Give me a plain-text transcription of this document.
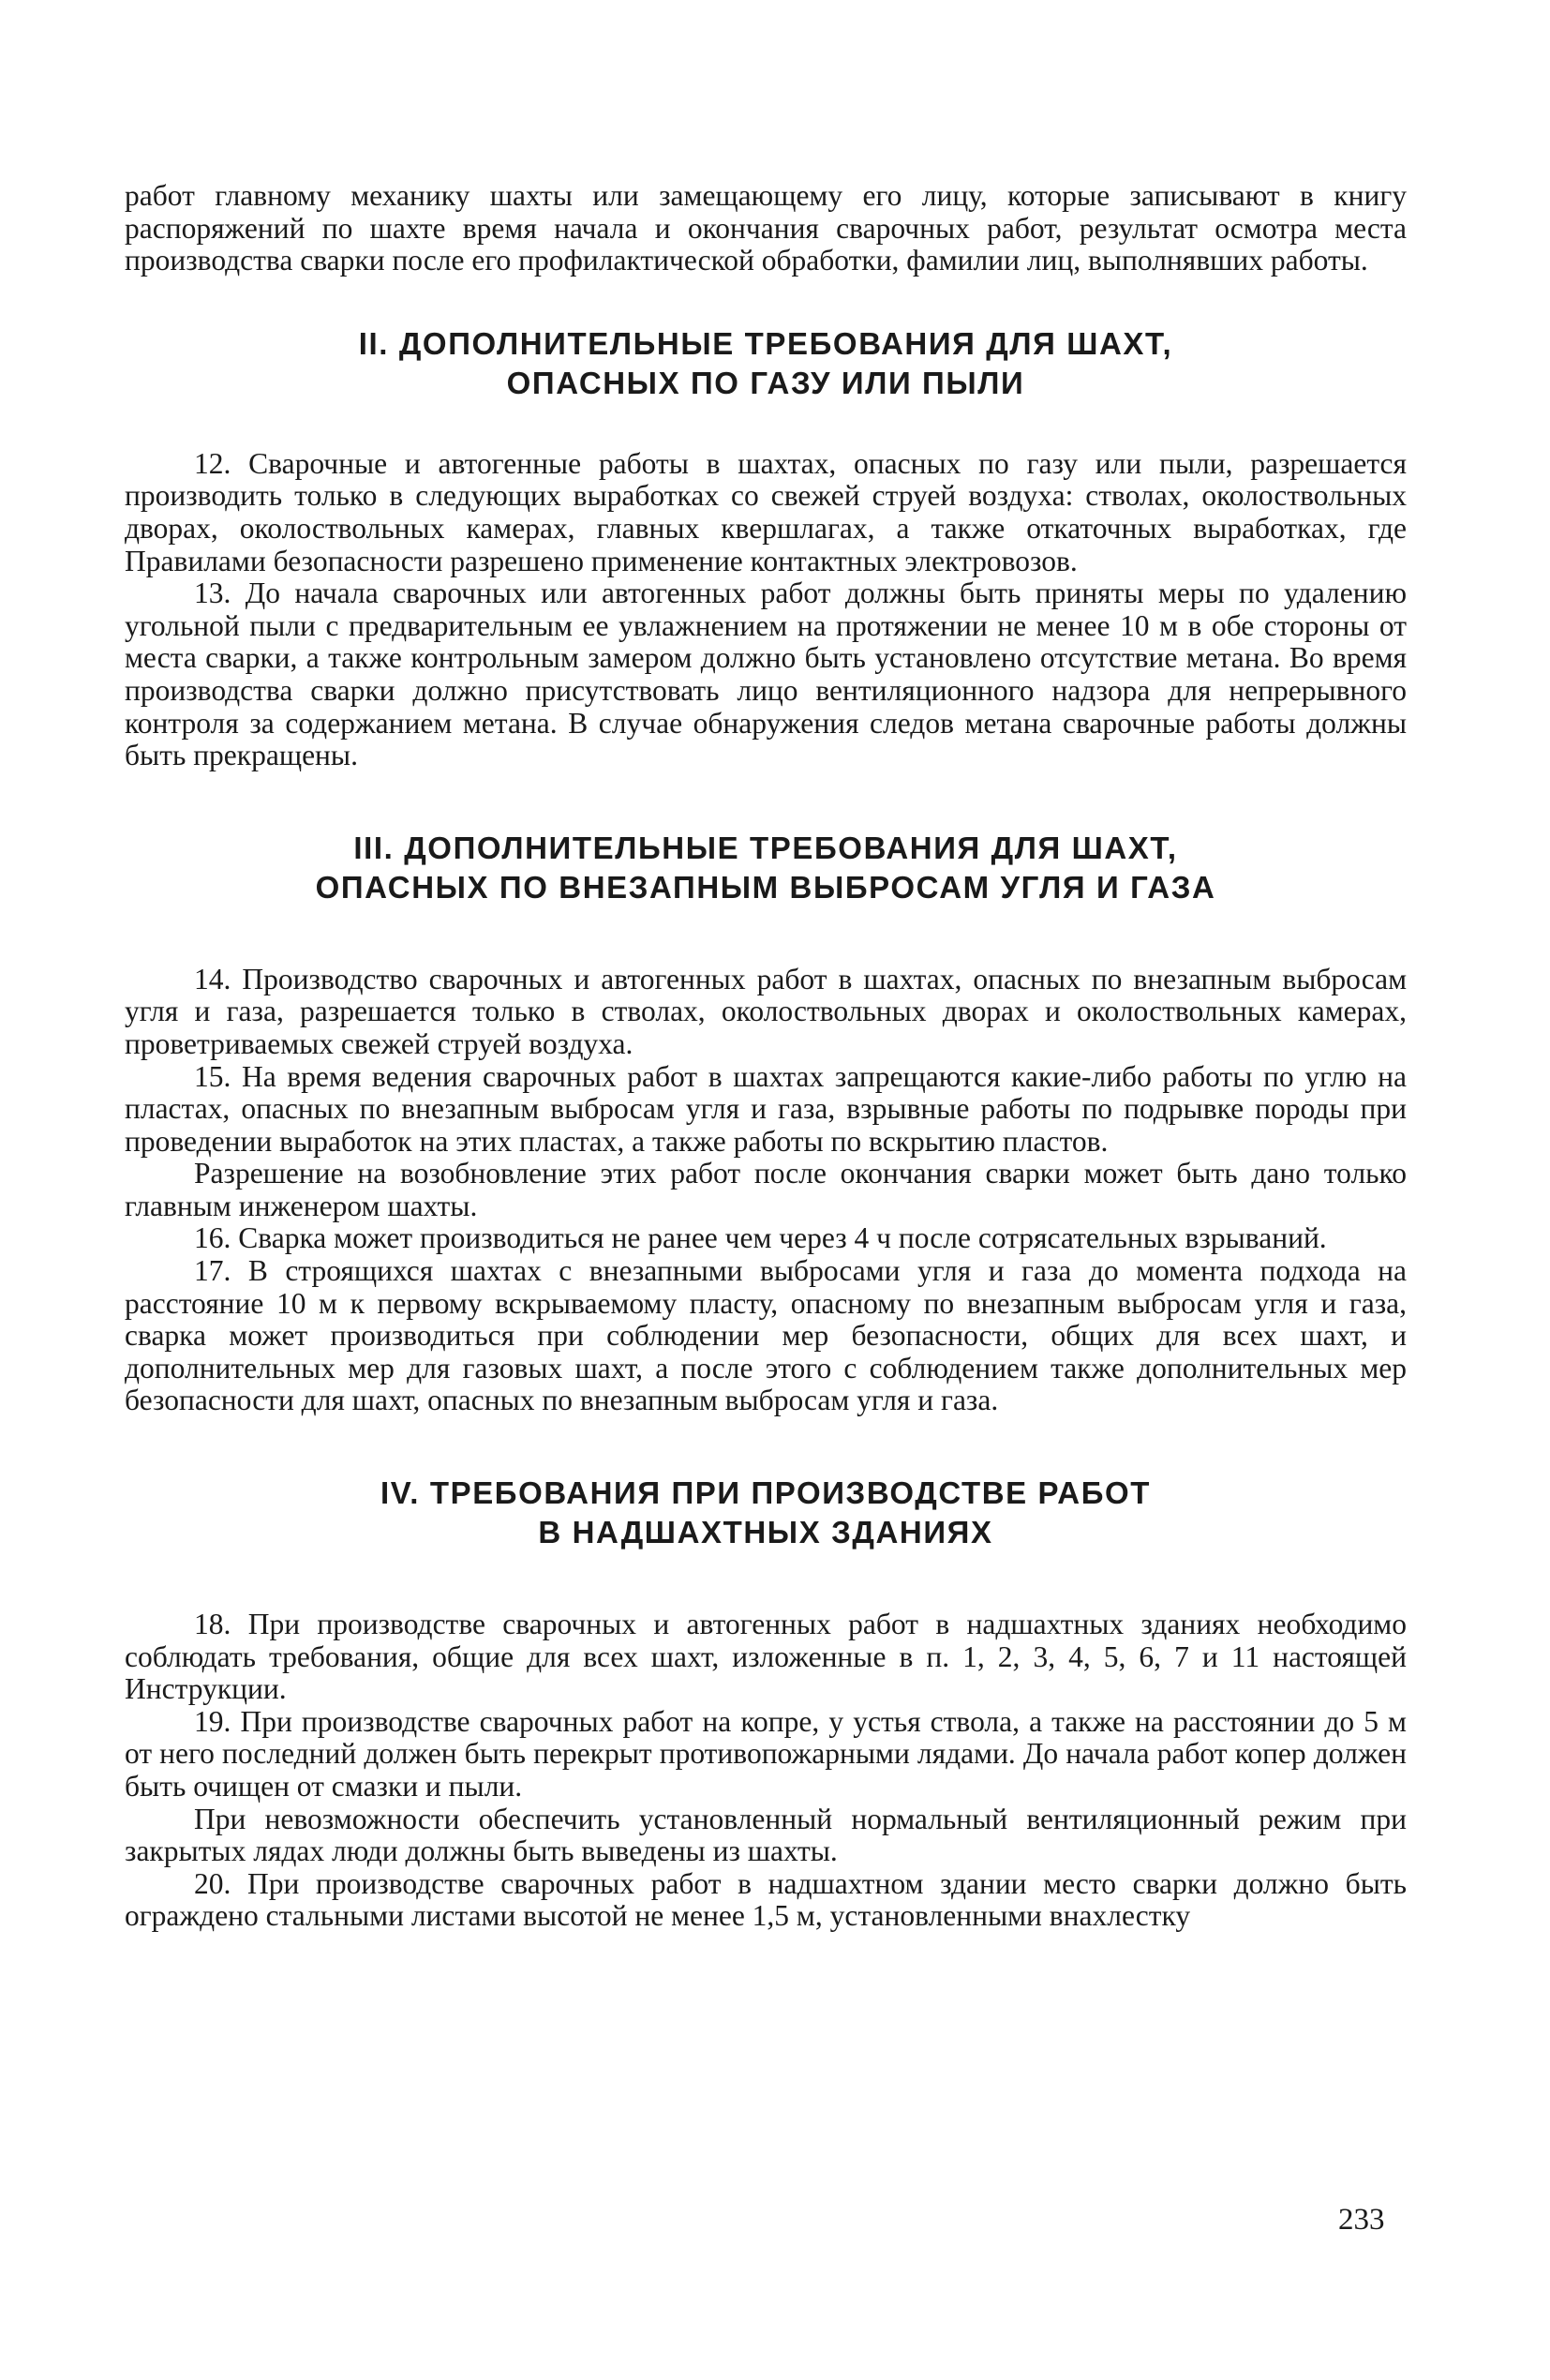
работ главному механику шахты или замещающему его лицу, которые записывают в книгу распоряжений по шахте время начала и окончания сварочных работ, результат осмотра места производства сварки после его профилактической обработки, фамилии лиц, выполнявших работы.

II. ДОПОЛНИТЕЛЬНЫЕ ТРЕБОВАНИЯ ДЛЯ ШАХТ,
ОПАСНЫХ ПО ГАЗУ ИЛИ ПЫЛИ

12. Сварочные и автогенные работы в шахтах, опасных по газу или пыли, разрешается производить только в следующих выработках со свежей струей воздуха: стволах, околоствольных дворах, околоствольных камерах, главных квершлагах, а также откаточных выработках, где Правилами безопасности разрешено применение контактных электровозов.

13. До начала сварочных или автогенных работ должны быть приняты меры по удалению угольной пыли с предварительным ее увлажнением на протяжении не менее 10 м в обе стороны от места сварки, а также контрольным замером должно быть установлено отсутствие метана. Во время производства сварки должно присутствовать лицо вентиляционного надзора для непрерывного контроля за содержанием метана. В случае обнаружения следов метана сварочные работы должны быть прекращены.

III. ДОПОЛНИТЕЛЬНЫЕ ТРЕБОВАНИЯ ДЛЯ ШАХТ,
ОПАСНЫХ ПО ВНЕЗАПНЫМ ВЫБРОСАМ УГЛЯ И ГАЗА

14. Производство сварочных и автогенных работ в шахтах, опасных по внезапным выбросам угля и газа, разрешается только в стволах, околоствольных дворах и околоствольных камерах, проветриваемых свежей струей воздуха.

15. На время ведения сварочных работ в шахтах запрещаются какие-либо работы по углю на пластах, опасных по внезапным выбросам угля и газа, взрывные работы по подрывке породы при проведении выработок на этих пластах, а также работы по вскрытию пластов.

Разрешение на возобновление этих работ после окончания сварки может быть дано только главным инженером шахты.

16. Сварка может производиться не ранее чем через 4 ч после сотрясательных взрываний.

17. В строящихся шахтах с внезапными выбросами угля и газа до момента подхода на расстояние 10 м к первому вскрываемому пласту, опасному по внезапным выбросам угля и газа, сварка может производиться при соблюдении мер безопасности, общих для всех шахт, и дополнительных мер для газовых шахт, а после этого с соблюдением также дополнительных мер безопасности для шахт, опасных по внезапным выбросам угля и газа.

IV. ТРЕБОВАНИЯ ПРИ ПРОИЗВОДСТВЕ РАБОТ
В НАДШАХТНЫХ ЗДАНИЯХ

18. При производстве сварочных и автогенных работ в надшахтных зданиях необходимо соблюдать требования, общие для всех шахт, изложенные в п. 1, 2, 3, 4, 5, 6, 7 и 11 настоящей Инструкции.

19. При производстве сварочных работ на копре, у устья ствола, а также на расстоянии до 5 м от него последний должен быть перекрыт противопожарными лядами. До начала работ копер должен быть очищен от смазки и пыли.

При невозможности обеспечить установленный нормальный вентиляционный режим при закрытых лядах люди должны быть выведены из шахты.

20. При производстве сварочных работ в надшахтном здании место сварки должно быть ограждено стальными листами высотой не менее 1,5 м, установленными внахлестку

233
